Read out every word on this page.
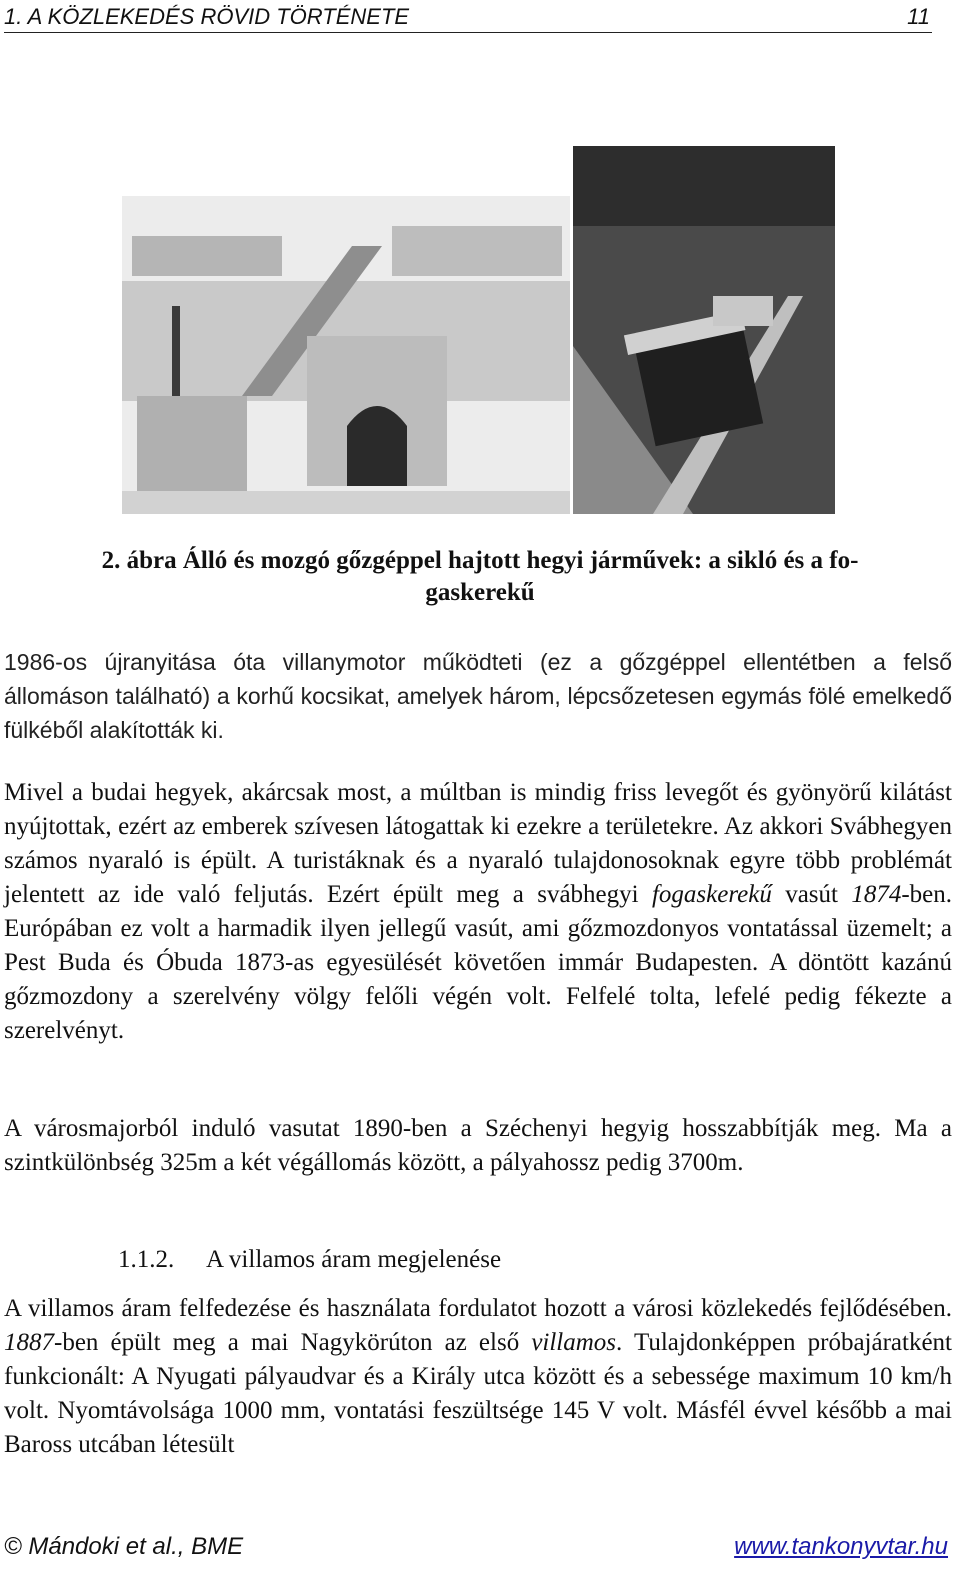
1. A KÖZLEKEDÉS RÖVID TÖRTÉNETE	11
2. ábra Álló és mozgó gőzgéppel hajtott hegyi járművek: a sikló és a fo-
gaskerekű

1986-os újranyitása óta villanymotor működteti (ez a gőzgéppel ellentétben a felső állomáson található) a korhű kocsikat, amelyek három, lépcsőzetesen egymás fölé emelkedő fülkéből alakították ki.

Mivel a budai hegyek, akárcsak most, a múltban is mindig friss levegőt és gyönyörű kilátást nyújtottak, ezért az emberek szívesen látogattak ki ezekre a területekre. Az akkori Svábhegyen számos nyaraló is épült. A turistáknak és a nyaraló tulajdonosoknak egyre több problémát jelentett az ide való feljutás. Ezért épült meg a svábhegyi fogaskerekű vasút 1874-ben. Európában ez volt a harmadik ilyen jellegű vasút, ami gőzmozdonyos vontatással üzemelt; a Pest Buda és Óbuda 1873-as egyesülését követően immár Budapesten. A döntött kazánú gőzmozdony a szerelvény völgy felőli végén volt. Felfelé tolta, lefelé pedig fékezte a szerelvényt.

A városmajorból induló vasutat 1890-ben a Széchenyi hegyig hosszabbítják meg. Ma a szintkülönbség 325m a két végállomás között, a pályahossz pedig 3700m.

1.1.2. A villamos áram megjelenése

A villamos áram felfedezése és használata fordulatot hozott a városi közlekedés fejlődésében. 1887-ben épült meg a mai Nagykörúton az első villamos. Tulajdonképpen próbajáratként funkcionált: A Nyugati pályaudvar és a Király utca között és a sebessége maximum 10 km/h volt. Nyomtávolsága 1000 mm, vontatási feszültsége 145 V volt. Másfél évvel később a mai Baross utcában létesült

© Mándoki et al., BME	www.tankonyvtar.hu
